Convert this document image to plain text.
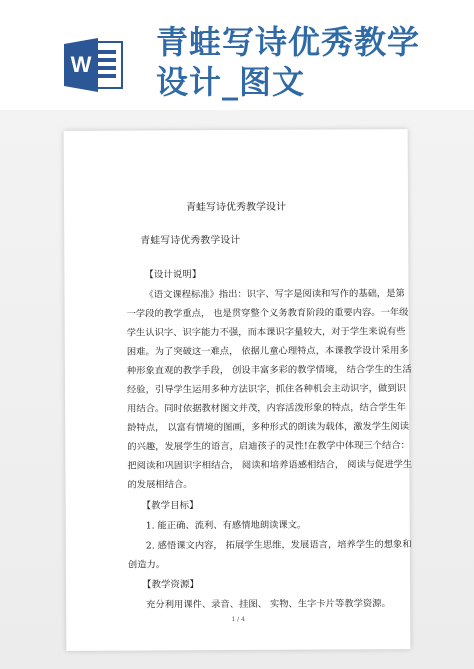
W
青蛙写诗优秀教学
设计_图文
青蛙写诗优秀教学设计
青蛙写诗优秀教学设计
【设计说明】
《语文课程标准》指出：识字、写字是阅读和写作的基础，是第
一学段的教学重点， 也是贯穿整个义务教育阶段的重要内容。一年级
学生认识字、识字能力不强，而本课识字量较大，对于学生来说有些
困难。为了突破这一难点， 依据儿童心理特点，本课教学设计采用多
种形象直观的教学手段， 创设丰富多彩的教学情境， 结合学生的生活
经验，引导学生运用多种方法识字，抓住各种机会主动识字，做到识
用结合。同时依据教材图文并茂，内容活泼形象的特点，结合学生年
龄特点， 以富有情境的图画，多种形式的朗读为载体，激发学生阅读
的兴趣，发展学生的语言，启迪孩子的灵性!在教学中体现三个结合：
把阅读和巩固识字相结合， 阅读和培养语感相结合， 阅读与促进学生
的发展相结合。
【教学目标】
1. 能正确、流利、有感情地朗读课文。
2. 感悟课文内容， 拓展学生思维，发展语言，培养学生的想象和
创造力。
【教学资源】
充分利用课件、录音、挂图、 实物、生字卡片等教学资源。
1 / 4
